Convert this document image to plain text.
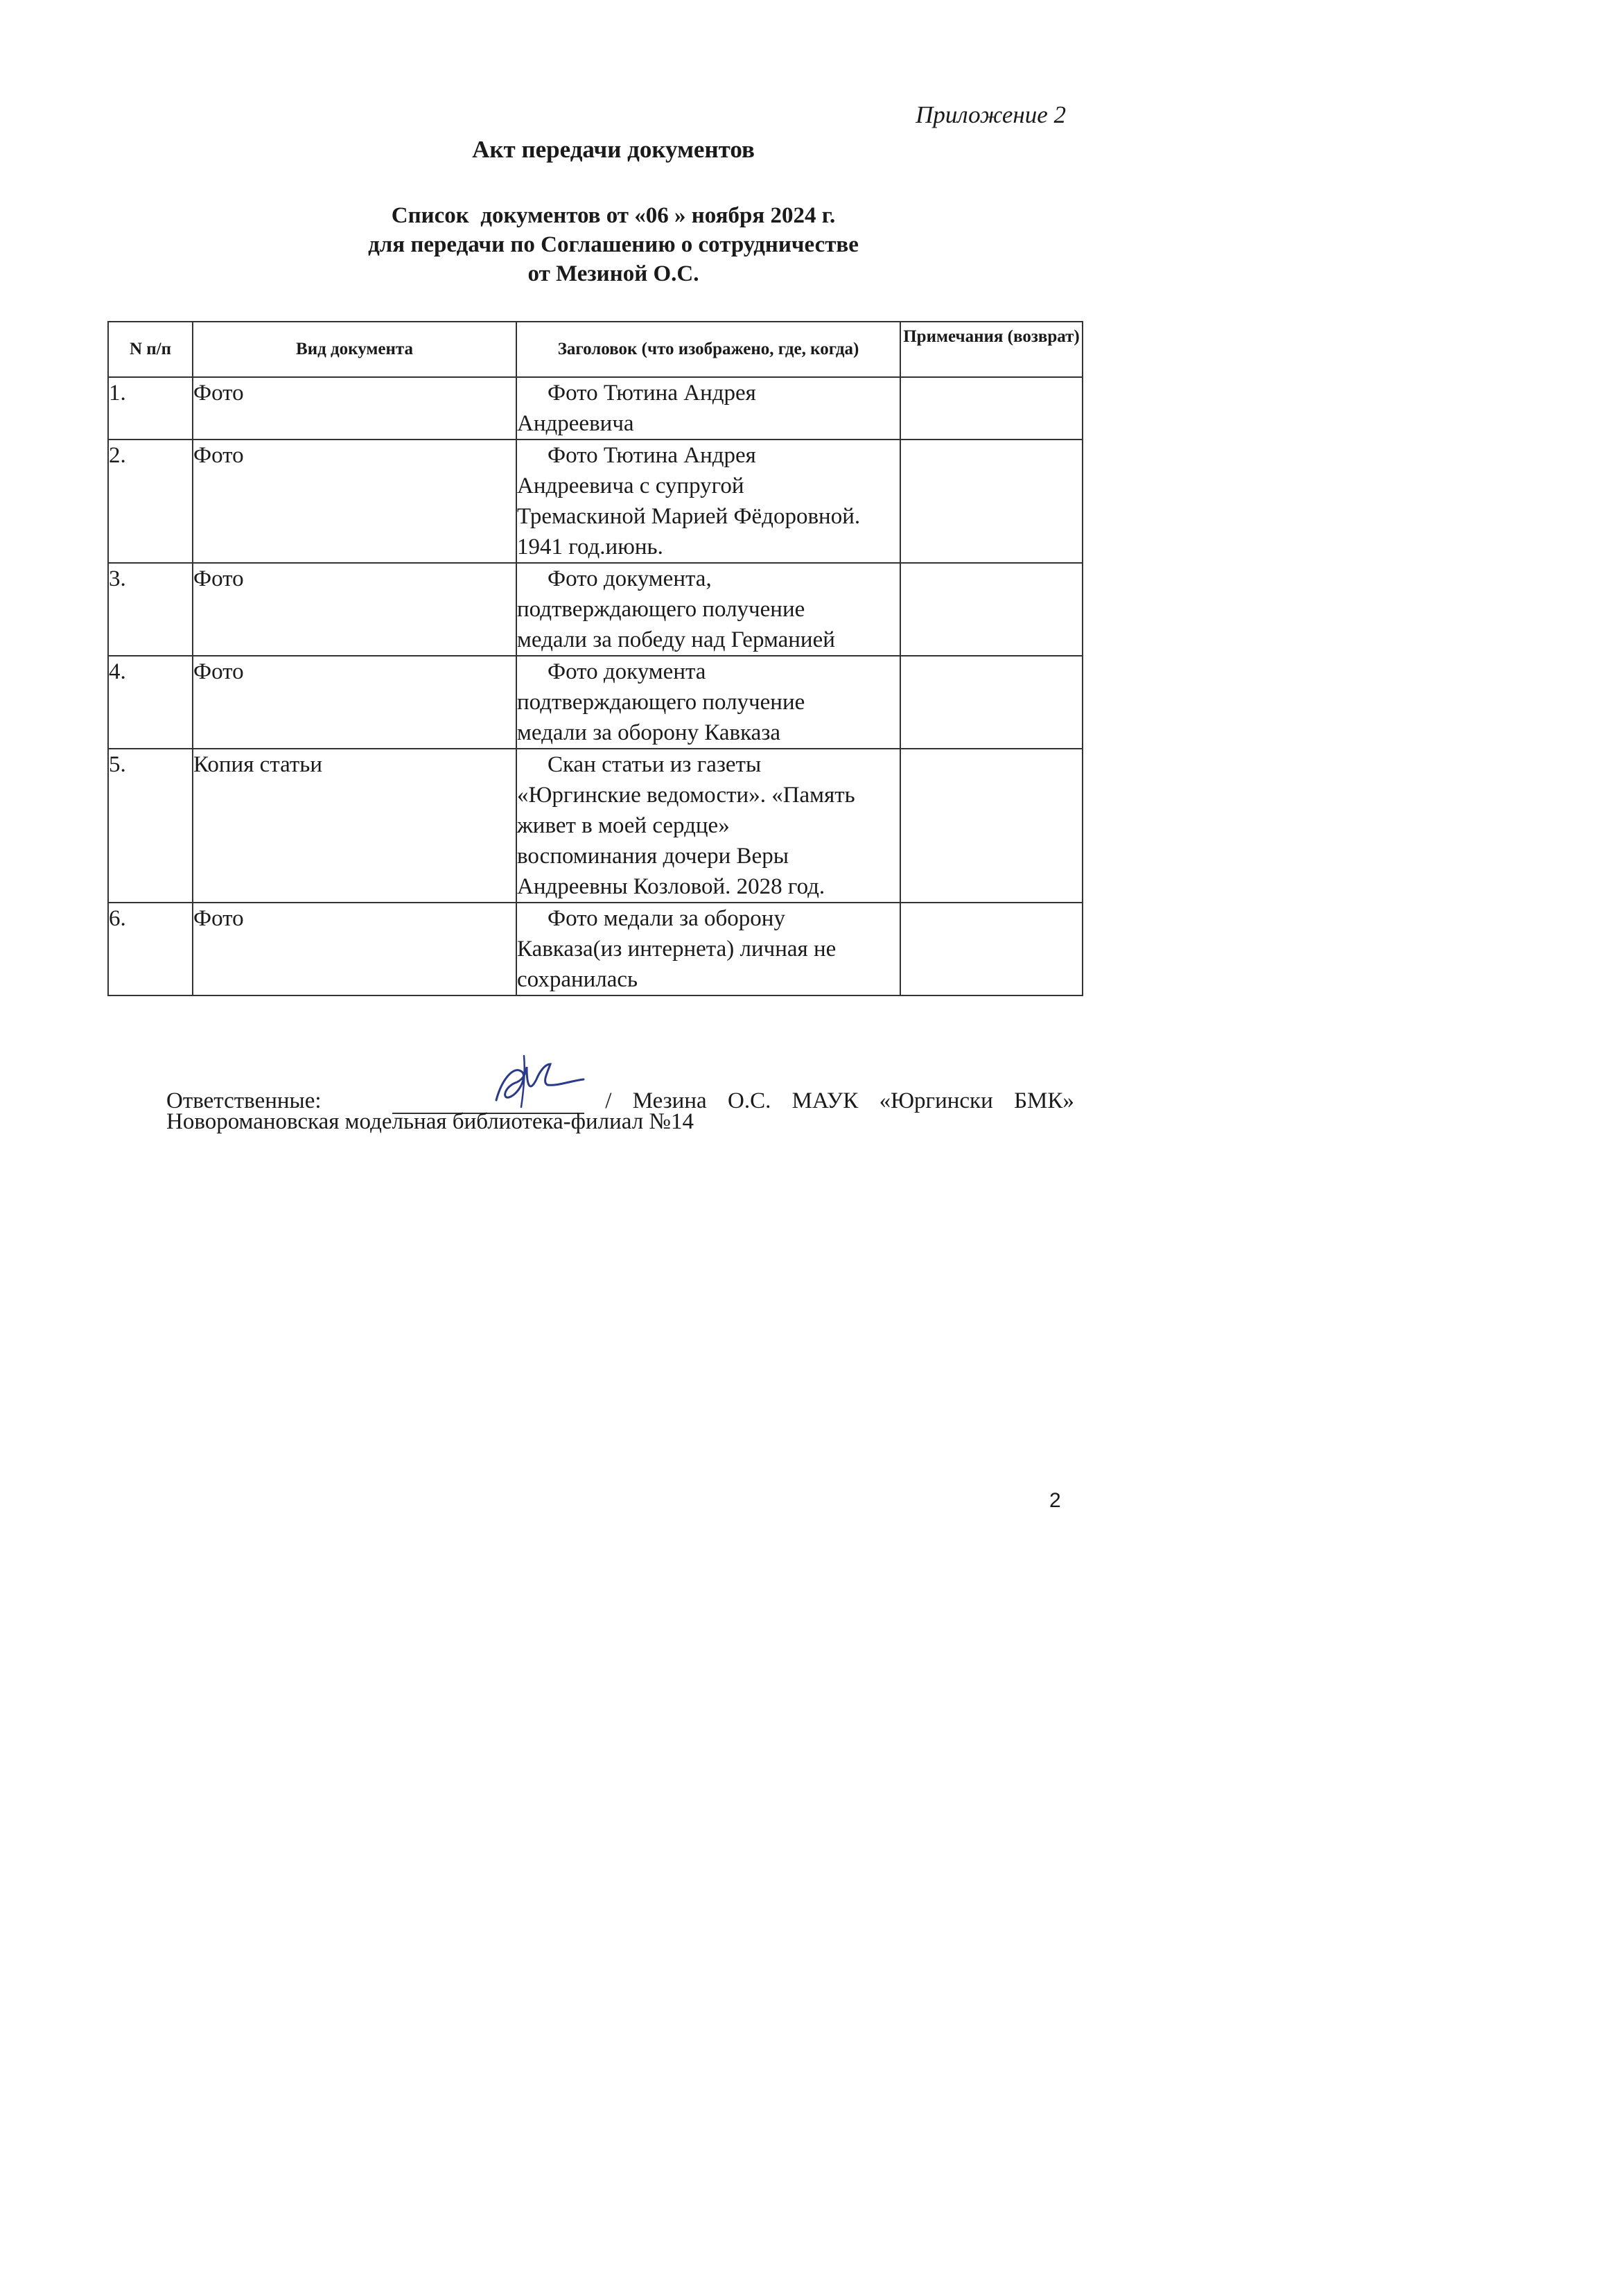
Приложение 2
Акт передачи документов
Список  документов от «06 » ноября 2024 г.
для передачи по Соглашению о сотрудничестве
от Мезиной О.С.
N п/п	Вид документа	Заголовок (что изображено, где, когда)	Примечания (возврат)
1.	Фото	Фото Тютина Андрея
Андреевича	

2.	Фото	Фото Тютина Андрея
Андреевича с супругой
Тремаскиной Марией Фёдоровной.
1941 год.июнь.	

3.	Фото	Фото документа,
подтверждающего получение
медали за победу над Германией	

4.	Фото	Фото документа
подтверждающего получение
медали за оборону Кавказа	

5.	Копия статьи	Скан статьи из газеты
«Юргинские ведомости». «Память
живет в моей сердце»
воспоминания дочери Веры
Андреевны Козловой. 2028 год.	

6.	Фото	Фото медали за оборону
Кавказа(из интернета) личная не
сохранилась	

Ответственные:	/ Мезина О.С. МАУК «Юргински БМК»
Новоромановская модельная библиотека-филиал №14
2
